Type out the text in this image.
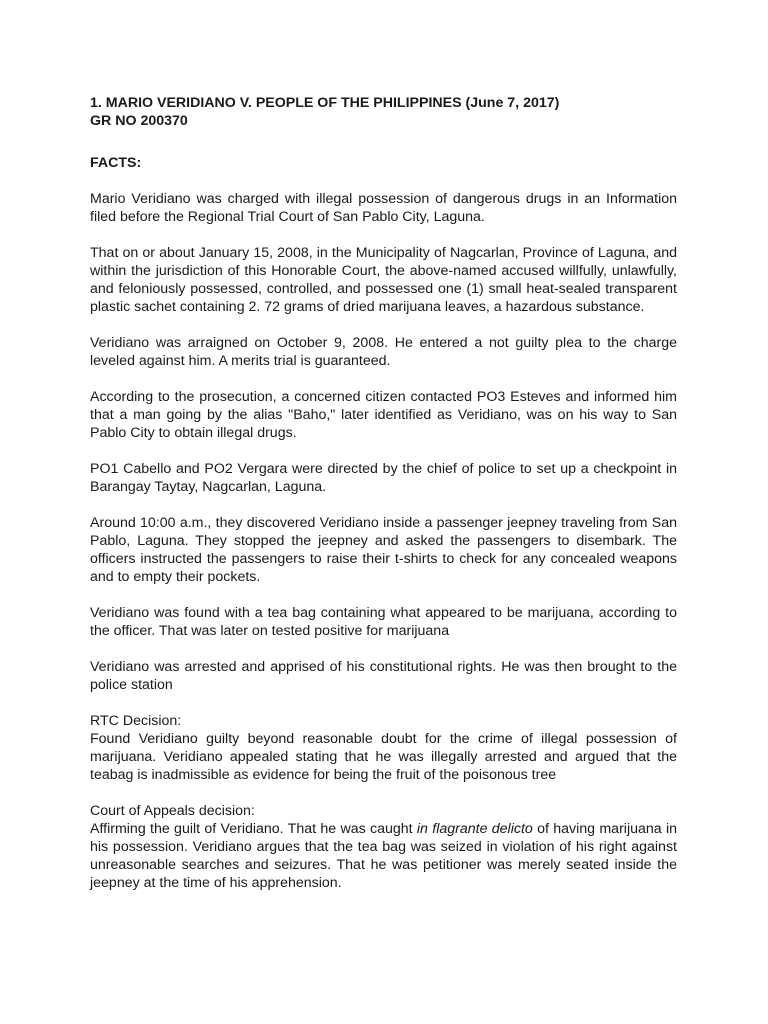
1. MARIO VERIDIANO V. PEOPLE OF THE PHILIPPINES (June 7, 2017)

GR NO 200370

FACTS:

Mario Veridiano was charged with illegal possession of dangerous drugs in an Information filed before the Regional Trial Court of San Pablo City, Laguna.

That on or about January 15, 2008, in the Municipality of Nagcarlan, Province of Laguna, and within the jurisdiction of this Honorable Court, the above-named accused willfully, unlawfully, and feloniously possessed, controlled, and possessed one (1) small heat-sealed transparent plastic sachet containing 2. 72 grams of dried marijuana leaves, a hazardous substance.

Veridiano was arraigned on October 9, 2008. He entered a not guilty plea to the charge leveled against him. A merits trial is guaranteed.

According to the prosecution, a concerned citizen contacted PO3 Esteves and informed him that a man going by the alias "Baho," later identified as Veridiano, was on his way to San Pablo City to obtain illegal drugs.

PO1 Cabello and PO2 Vergara were directed by the chief of police to set up a checkpoint in Barangay Taytay, Nagcarlan, Laguna.

Around 10:00 a.m., they discovered Veridiano inside a passenger jeepney traveling from San Pablo, Laguna. They stopped the jeepney and asked the passengers to disembark. The officers instructed the passengers to raise their t-shirts to check for any concealed weapons and to empty their pockets.

Veridiano was found with a tea bag containing what appeared to be marijuana, according to the officer. That was later on tested positive for marijuana

Veridiano was arrested and apprised of his constitutional rights. He was then brought to the police station

RTC Decision:

Found Veridiano guilty beyond reasonable doubt for the crime of illegal possession of marijuana. Veridiano appealed stating that he was illegally arrested and argued that the teabag is inadmissible as evidence for being the fruit of the poisonous tree

Court of Appeals decision:

Affirming the guilt of Veridiano. That he was caught in flagrante delicto of having marijuana in his possession. Veridiano argues that the tea bag was seized in violation of his right against unreasonable searches and seizures. That he was petitioner was merely seated inside the jeepney at the time of his apprehension.
